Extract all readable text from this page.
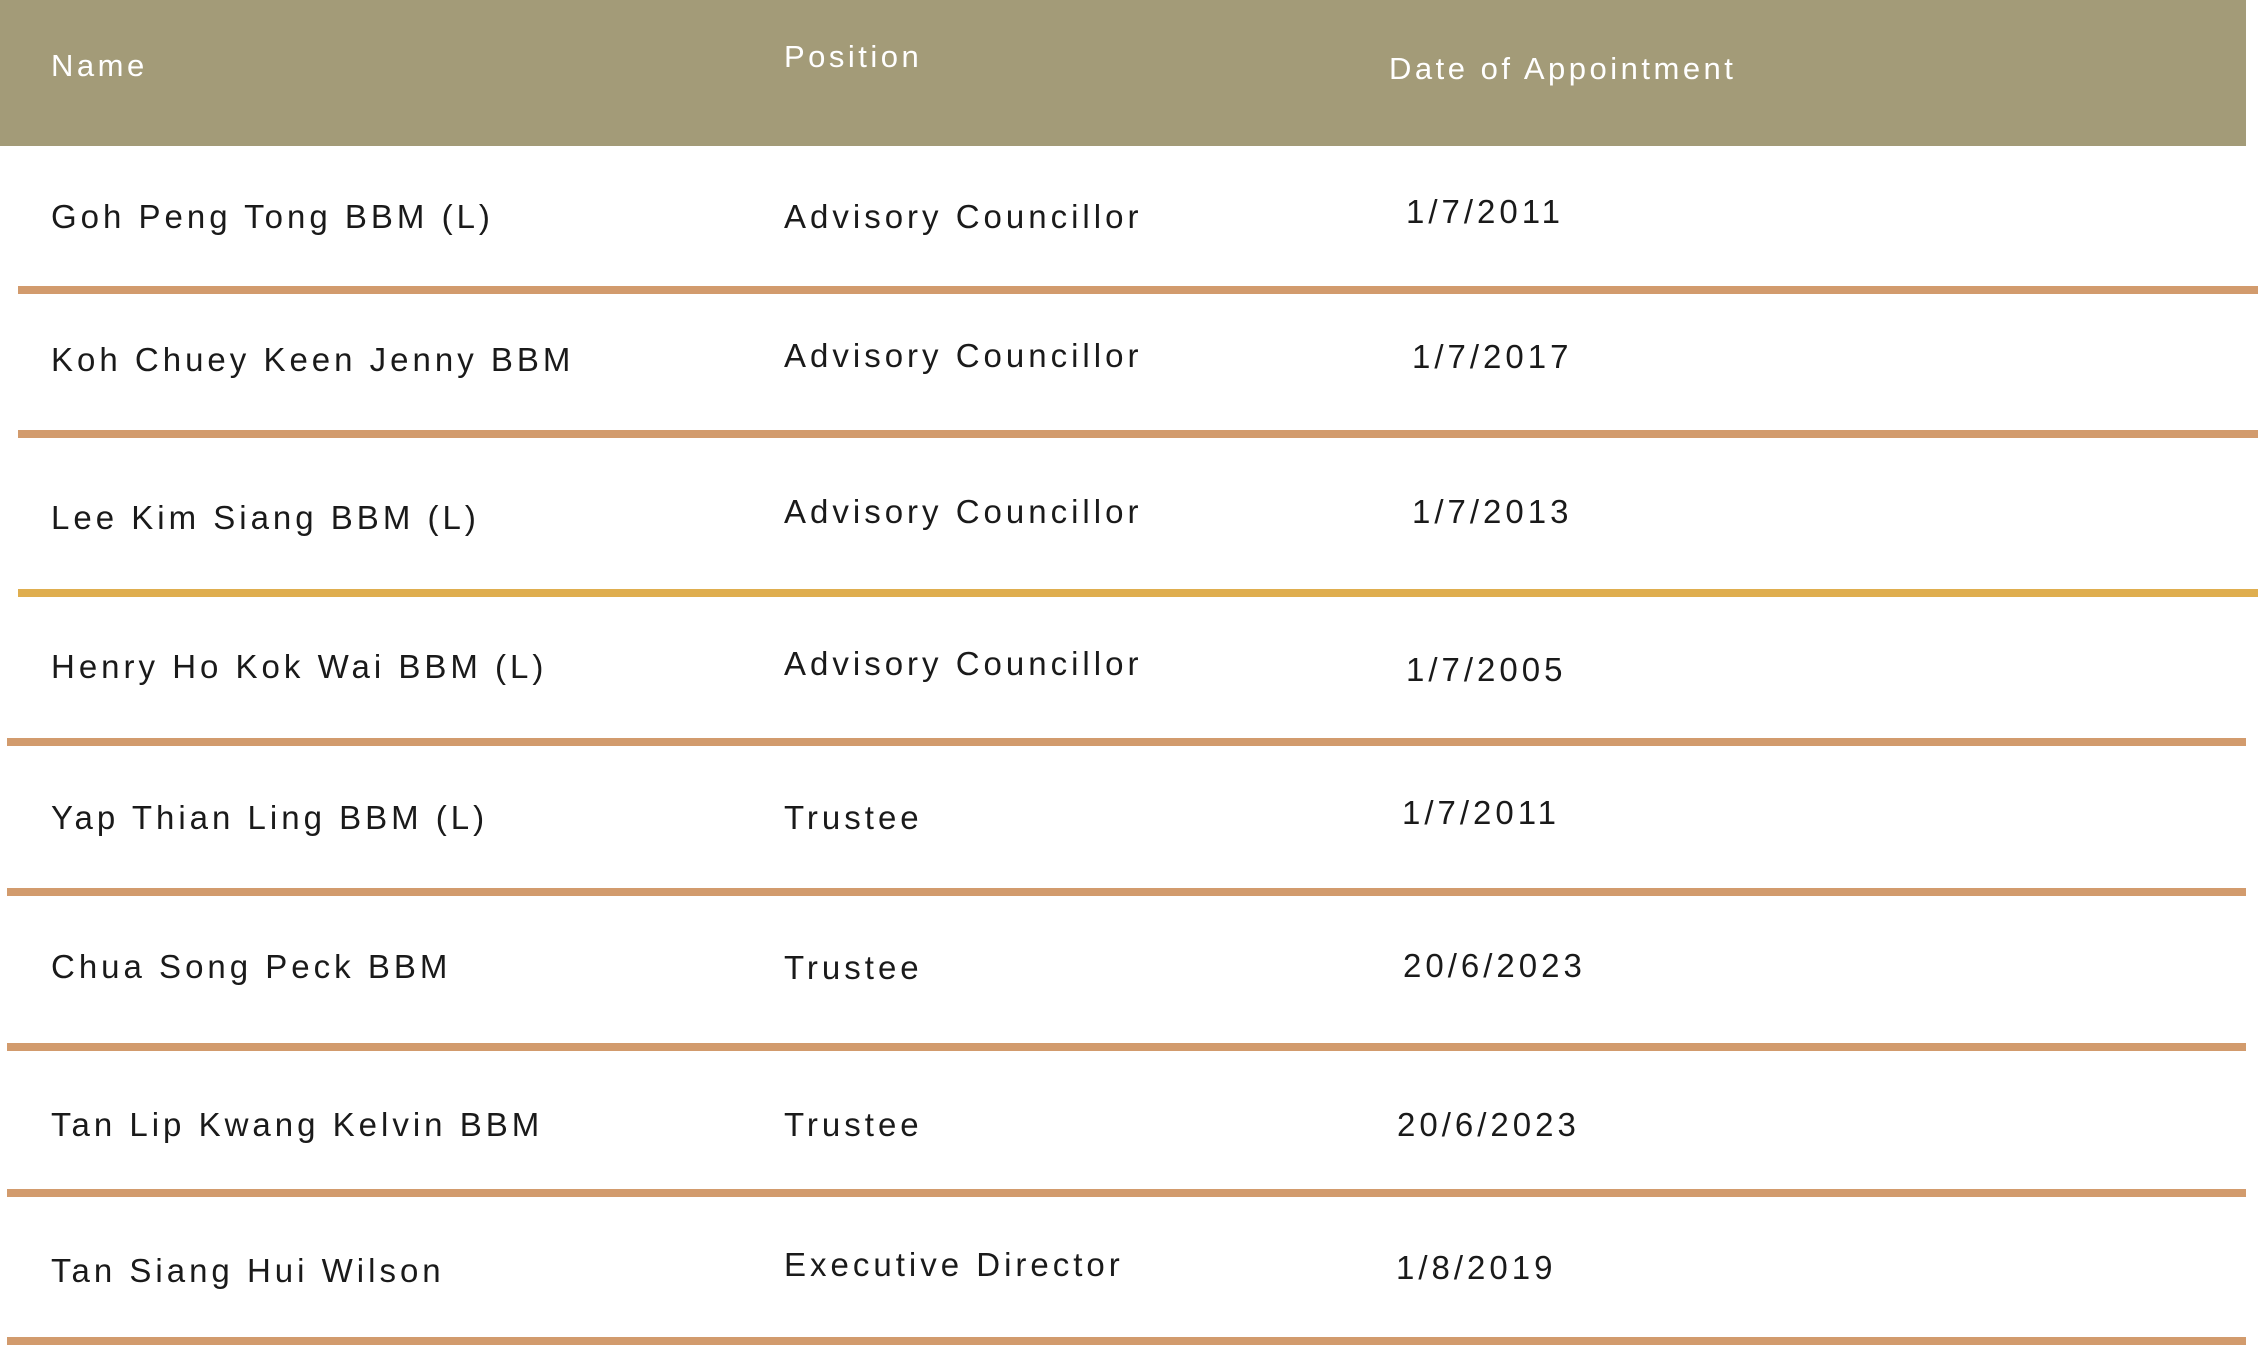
Name	Position	Date of Appointment
Goh Peng Tong BBM (L)	Advisory Councillor	1/7/2011
Koh Chuey Keen Jenny BBM	Advisory Councillor	1/7/2017
Lee Kim Siang BBM (L)	Advisory Councillor	1/7/2013
Henry Ho Kok Wai BBM (L)	Advisory Councillor	1/7/2005
Yap Thian Ling BBM (L)	Trustee	1/7/2011
Chua Song Peck BBM	Trustee	20/6/2023
Tan Lip Kwang Kelvin BBM	Trustee	20/6/2023
Tan Siang Hui Wilson	Executive Director	1/8/2019
